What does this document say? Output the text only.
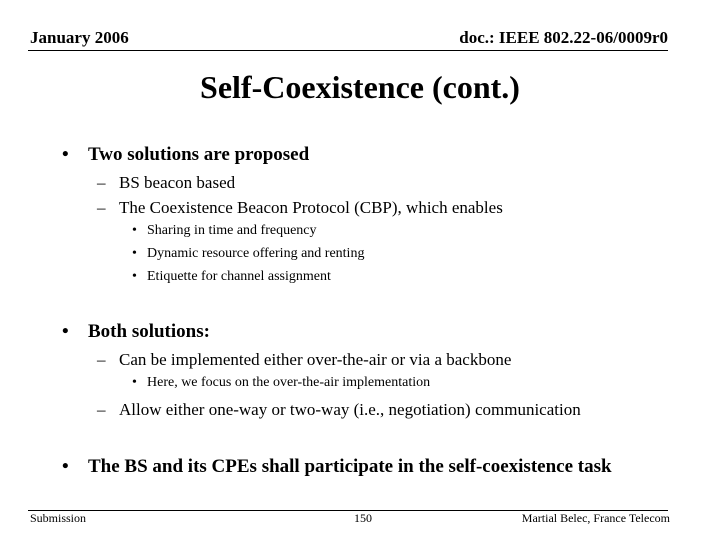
January 2006	doc.: IEEE 802.22-06/0009r0
Self-Coexistence (cont.)
• Two solutions are proposed
– BS beacon based
– The Coexistence Beacon Protocol (CBP), which enables
• Sharing in time and frequency
• Dynamic resource offering and renting
• Etiquette for channel assignment
• Both solutions:
– Can be implemented either over-the-air or via a backbone
• Here, we focus on the over-the-air implementation
– Allow either one-way or two-way (i.e., negotiation) communication
• The BS and its CPEs shall participate in the self-coexistence task
Submission	150	Martial Belec, France Telecom
